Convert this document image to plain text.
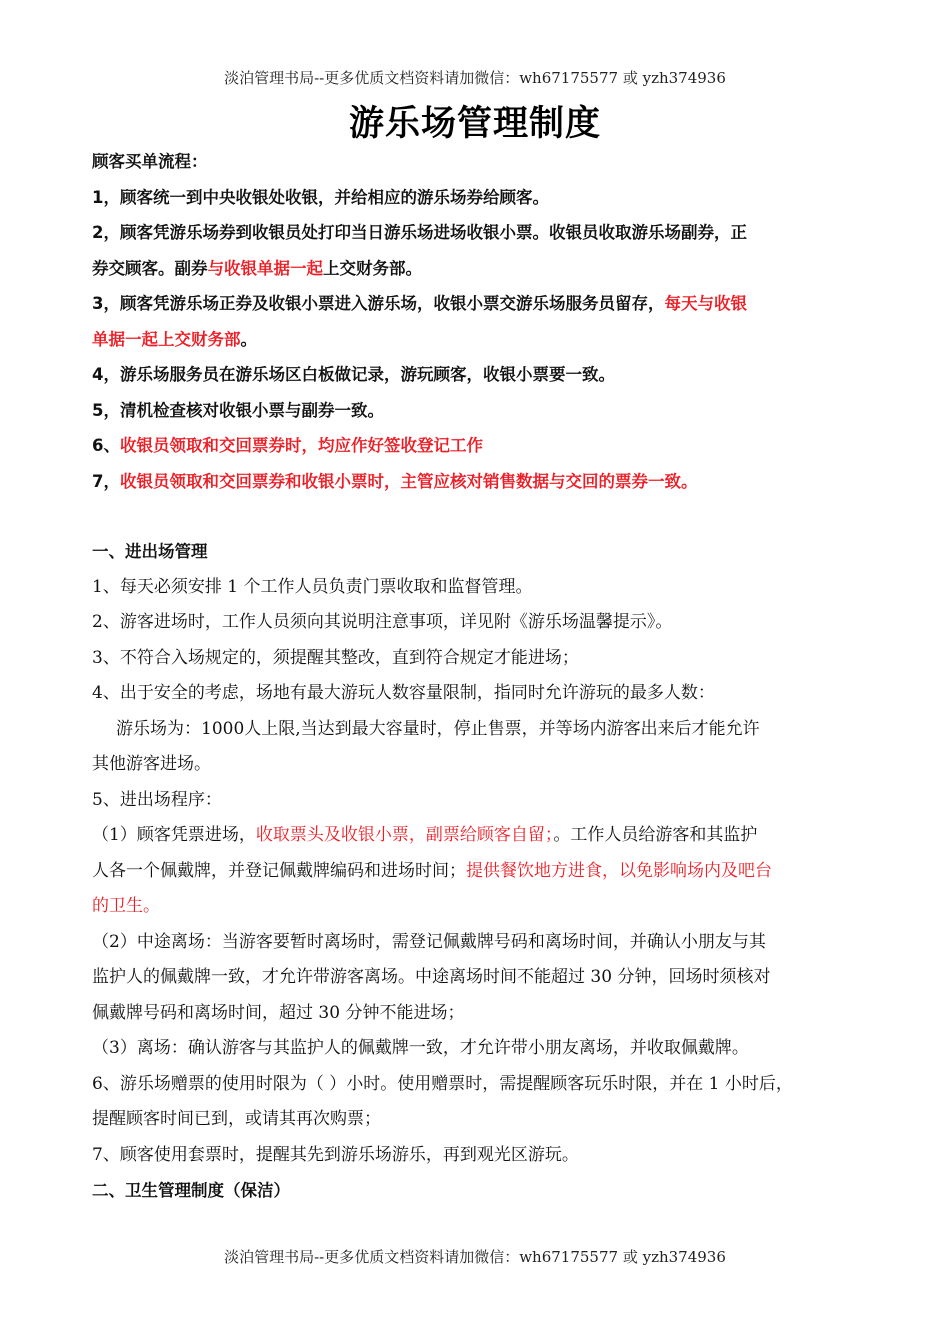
淡泊管理书局--更多优质文档资料请加微信：wh67175577 或 yzh374936
游乐场管理制度
顾客买单流程：
1，顾客统一到中央收银处收银，并给相应的游乐场券给顾客。
2，顾客凭游乐场券到收银员处打印当日游乐场进场收银小票。收银员收取游乐场副券，正
券交顾客。副券与收银单据一起上交财务部。
3，顾客凭游乐场正券及收银小票进入游乐场，收银小票交游乐场服务员留存，每天与收银
单据一起上交财务部。
4，游乐场服务员在游乐场区白板做记录，游玩顾客，收银小票要一致。
5，清机检查核对收银小票与副券一致。
6、收银员领取和交回票券时，均应作好签收登记工作
7，收银员领取和交回票券和收银小票时，主管应核对销售数据与交回的票券一致。
一、进出场管理
1、每天必须安排 1 个工作人员负责门票收取和监督管理。
2、游客进场时，工作人员须向其说明注意事项，详见附《游乐场温馨提示》。
3、不符合入场规定的，须提醒其整改，直到符合规定才能进场；
4、出于安全的考虑，场地有最大游玩人数容量限制，指同时允许游玩的最多人数：
游乐场为：1000人上限,当达到最大容量时，停止售票，并等场内游客出来后才能允许
其他游客进场。
5、进出场程序：
（1）顾客凭票进场，收取票头及收银小票，副票给顾客自留；。工作人员给游客和其监护
人各一个佩戴牌，并登记佩戴牌编码和进场时间；提供餐饮地方进食，以免影响场内及吧台
的卫生。
（2）中途离场：当游客要暂时离场时，需登记佩戴牌号码和离场时间，并确认小朋友与其
监护人的佩戴牌一致，才允许带游客离场。中途离场时间不能超过 30 分钟，回场时须核对
佩戴牌号码和离场时间，超过 30 分钟不能进场；
（3）离场：确认游客与其监护人的佩戴牌一致，才允许带小朋友离场，并收取佩戴牌。
6、游乐场赠票的使用时限为（ ）小时。使用赠票时，需提醒顾客玩乐时限，并在 1 小时后，
提醒顾客时间已到，或请其再次购票；
7、顾客使用套票时，提醒其先到游乐场游乐，再到观光区游玩。
二、卫生管理制度（保洁）
淡泊管理书局--更多优质文档资料请加微信：wh67175577 或 yzh374936
